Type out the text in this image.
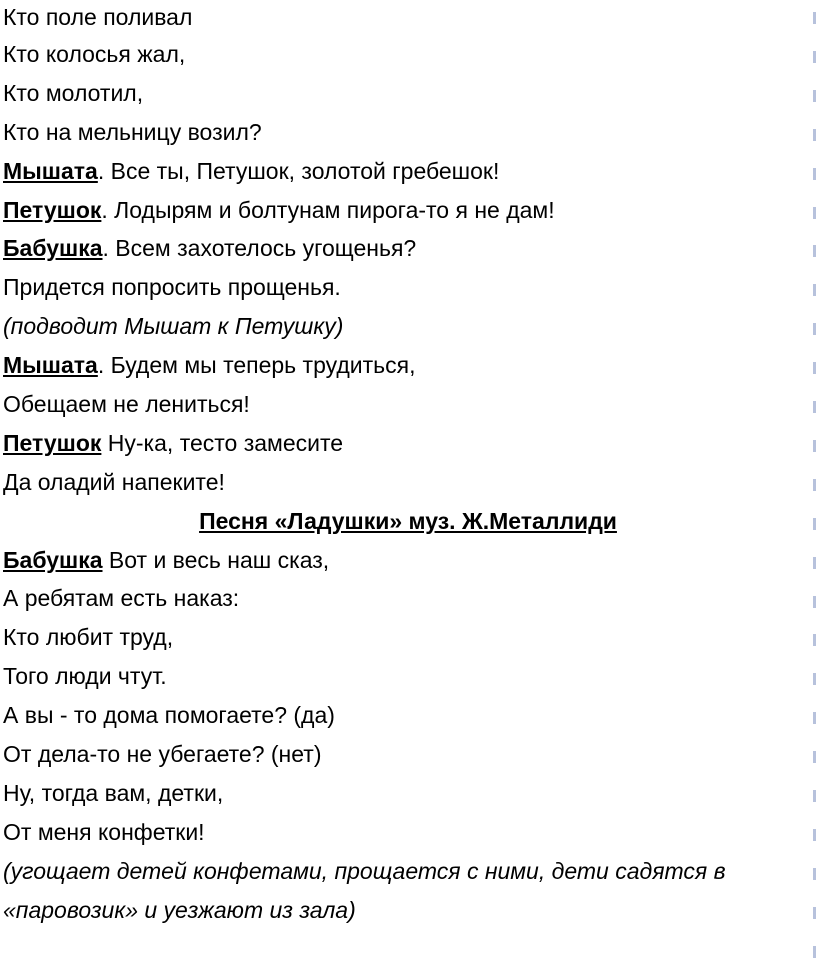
Кто поле поливал
Кто колосья жал,
Кто молотил,
Кто на мельницу возил?
Мышата. Все ты, Петушок, золотой гребешок!
Петушок. Лодырям и болтунам пирога-то я не дам!
Бабушка. Всем захотелось угощенья?
Придется попросить прощенья.
(подводит Мышат к Петушку)
Мышата. Будем мы теперь трудиться,
Обещаем не лениться!
Петушок Ну-ка, тесто замесите
Да оладий напеките!
Песня «Ладушки» муз. Ж.Металлиди
Бабушка Вот и весь наш сказ,
А ребятам есть наказ:
Кто любит труд,
Того люди чтут.
А вы - то дома помогаете? (да)
От дела-то не убегаете? (нет)
Ну, тогда вам, детки,
От меня конфетки!
(угощает детей конфетами, прощается с ними, дети садятся в
«паровозик» и уезжают из зала)
